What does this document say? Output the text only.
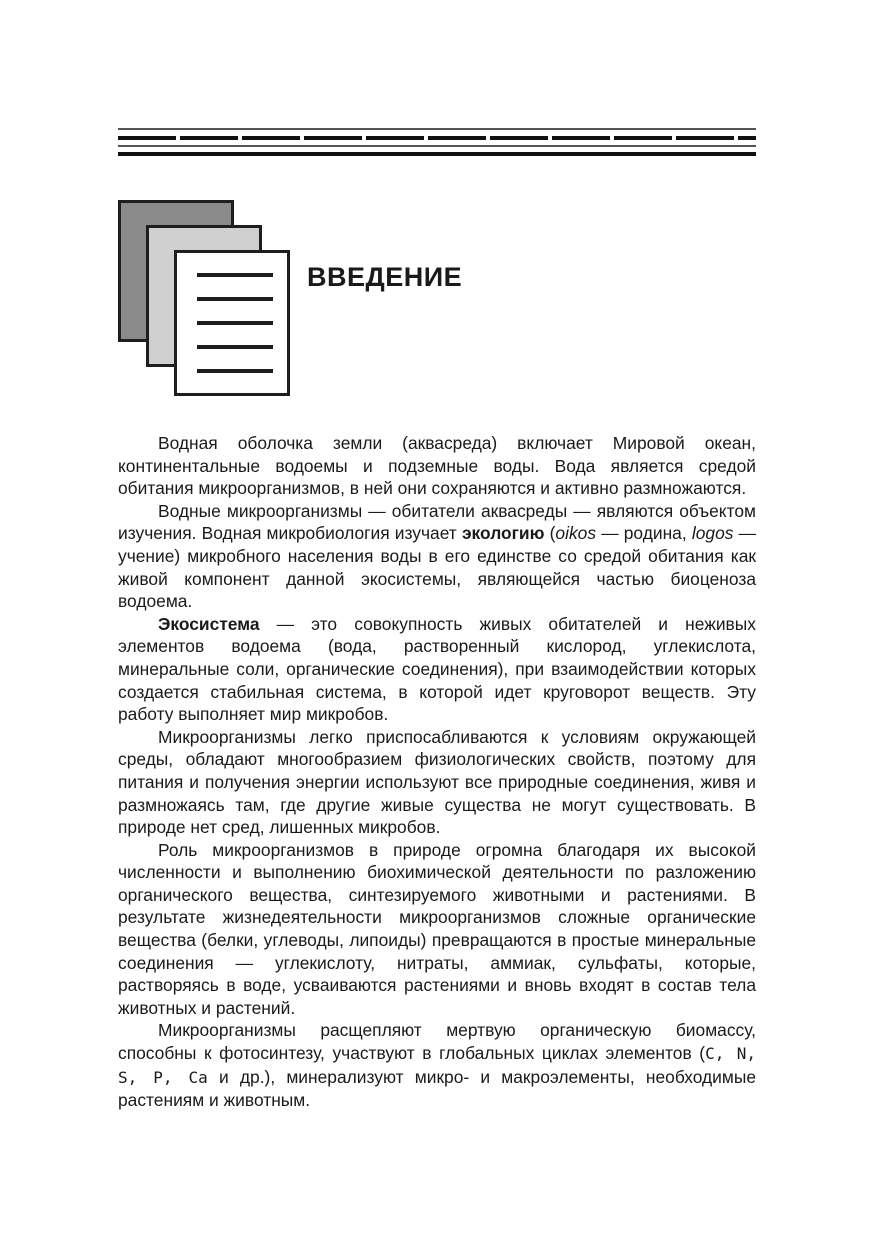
ВВЕДЕНИЕ

Водная оболочка земли (аквасреда) включает Мировой океан, континентальные водоемы и подземные воды. Вода является средой обитания микроорганизмов, в ней они сохраняются и активно размножаются.

Водные микроорганизмы — обитатели аквасреды — являются объектом изучения. Водная микробиология изучает экологию (oikos — родина, logos — учение) микробного населения воды в его единстве со средой обитания как живой компонент данной экосистемы, являющейся частью биоценоза водоема.

Экосистема — это совокупность живых обитателей и неживых элементов водоема (вода, растворенный кислород, углекислота, минеральные соли, органические соединения), при взаимодействии которых создается стабильная система, в которой идет круговорот веществ. Эту работу выполняет мир микробов.

Микроорганизмы легко приспосабливаются к условиям окружающей среды, обладают многообразием физиологических свойств, поэтому для питания и получения энергии используют все природные соединения, живя и размножаясь там, где другие живые существа не могут существовать. В природе нет сред, лишенных микробов.

Роль микроорганизмов в природе огромна благодаря их высокой численности и выполнению биохимической деятельности по разложению органического вещества, синтезируемого животными и растениями. В результате жизнедеятельности микроорганизмов сложные органические вещества (белки, углеводы, липоиды) превращаются в простые минеральные соединения — углекислоту, нитраты, аммиак, сульфаты, которые, растворяясь в воде, усваиваются растениями и вновь входят в состав тела животных и растений.

Микроорганизмы расщепляют мертвую органическую биомассу, способны к фотосинтезу, участвуют в глобальных циклах элементов (C, N, S, P, Ca и др.), минерализуют микро- и макроэлементы, необходимые растениям и животным.
